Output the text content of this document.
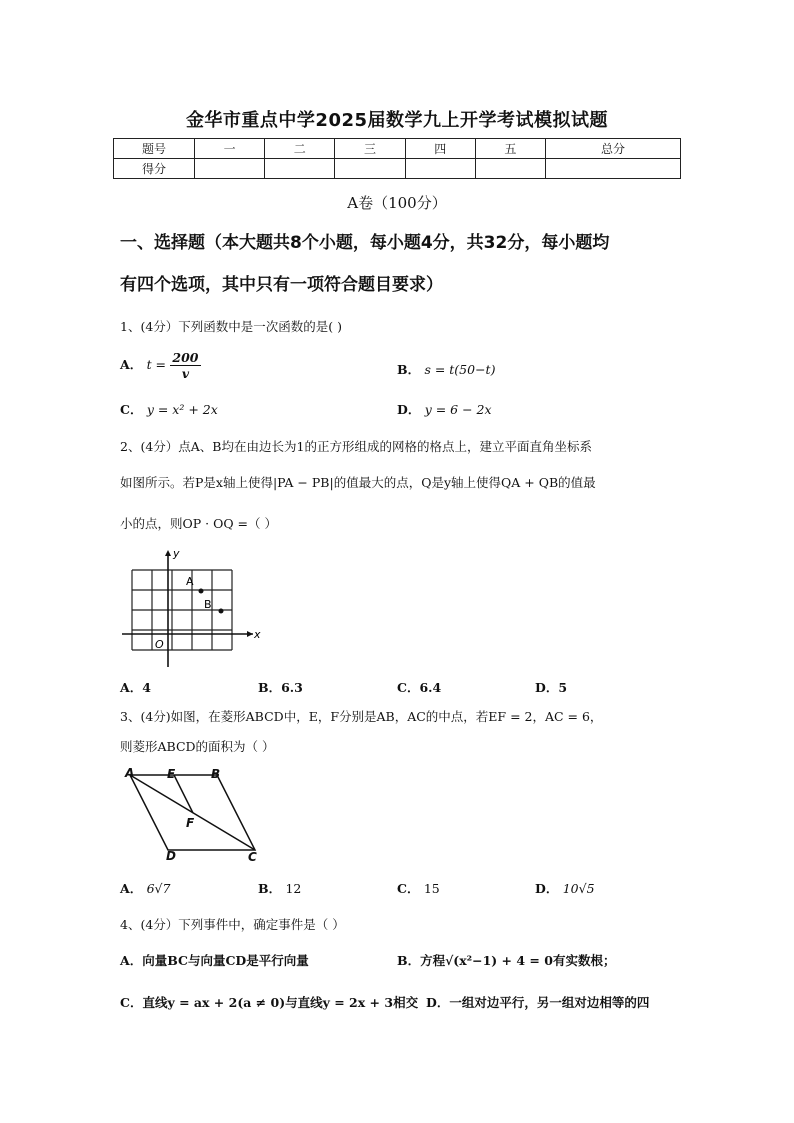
金华市重点中学2025届数学九上开学考试模拟试题
题号	一	二	三	四	五	总分
得分						
A卷（100分）
一、选择题（本大题共8个小题，每小题4分，共32分，每小题均
有四个选项，其中只有一项符合题目要求）
1、(4分）下列函数中是一次函数的是( )
A． $t = \frac{200}{v}$	B． s = t(50−t)
C． y = x² + 2x	D． y = 6 − 2x
2、(4分）点A、B均在由边长为1的正方形组成的网格的格点上，建立平面直角坐标系
如图所示。若P是x轴上使得|PA − PB|的值最大的点，Q是y轴上使得QA + QB的值最
小的点，则OP · OQ =（ ）
y
x
A
B
O
A．4	B．6.3	C．6.4	D．5
3、(4分)如图，在菱形ABCD中，E，F分别是AB，AC的中点，若EF = 2，AC = 6，
则菱形ABCD的面积为（ ）
A	E	B
F
D	C
A． 6√7	B． 12	C． 15	D． 10√5
4、(4分）下列事件中，确定事件是（ ）
A．向量BC与向量CD是平行向量	B．方程√(x²−1) + 4 = 0有实数根；
C．直线y = ax + 2(a ≠ 0)与直线y = 2x + 3相交 D．一组对边平行，另一组对边相等的四
